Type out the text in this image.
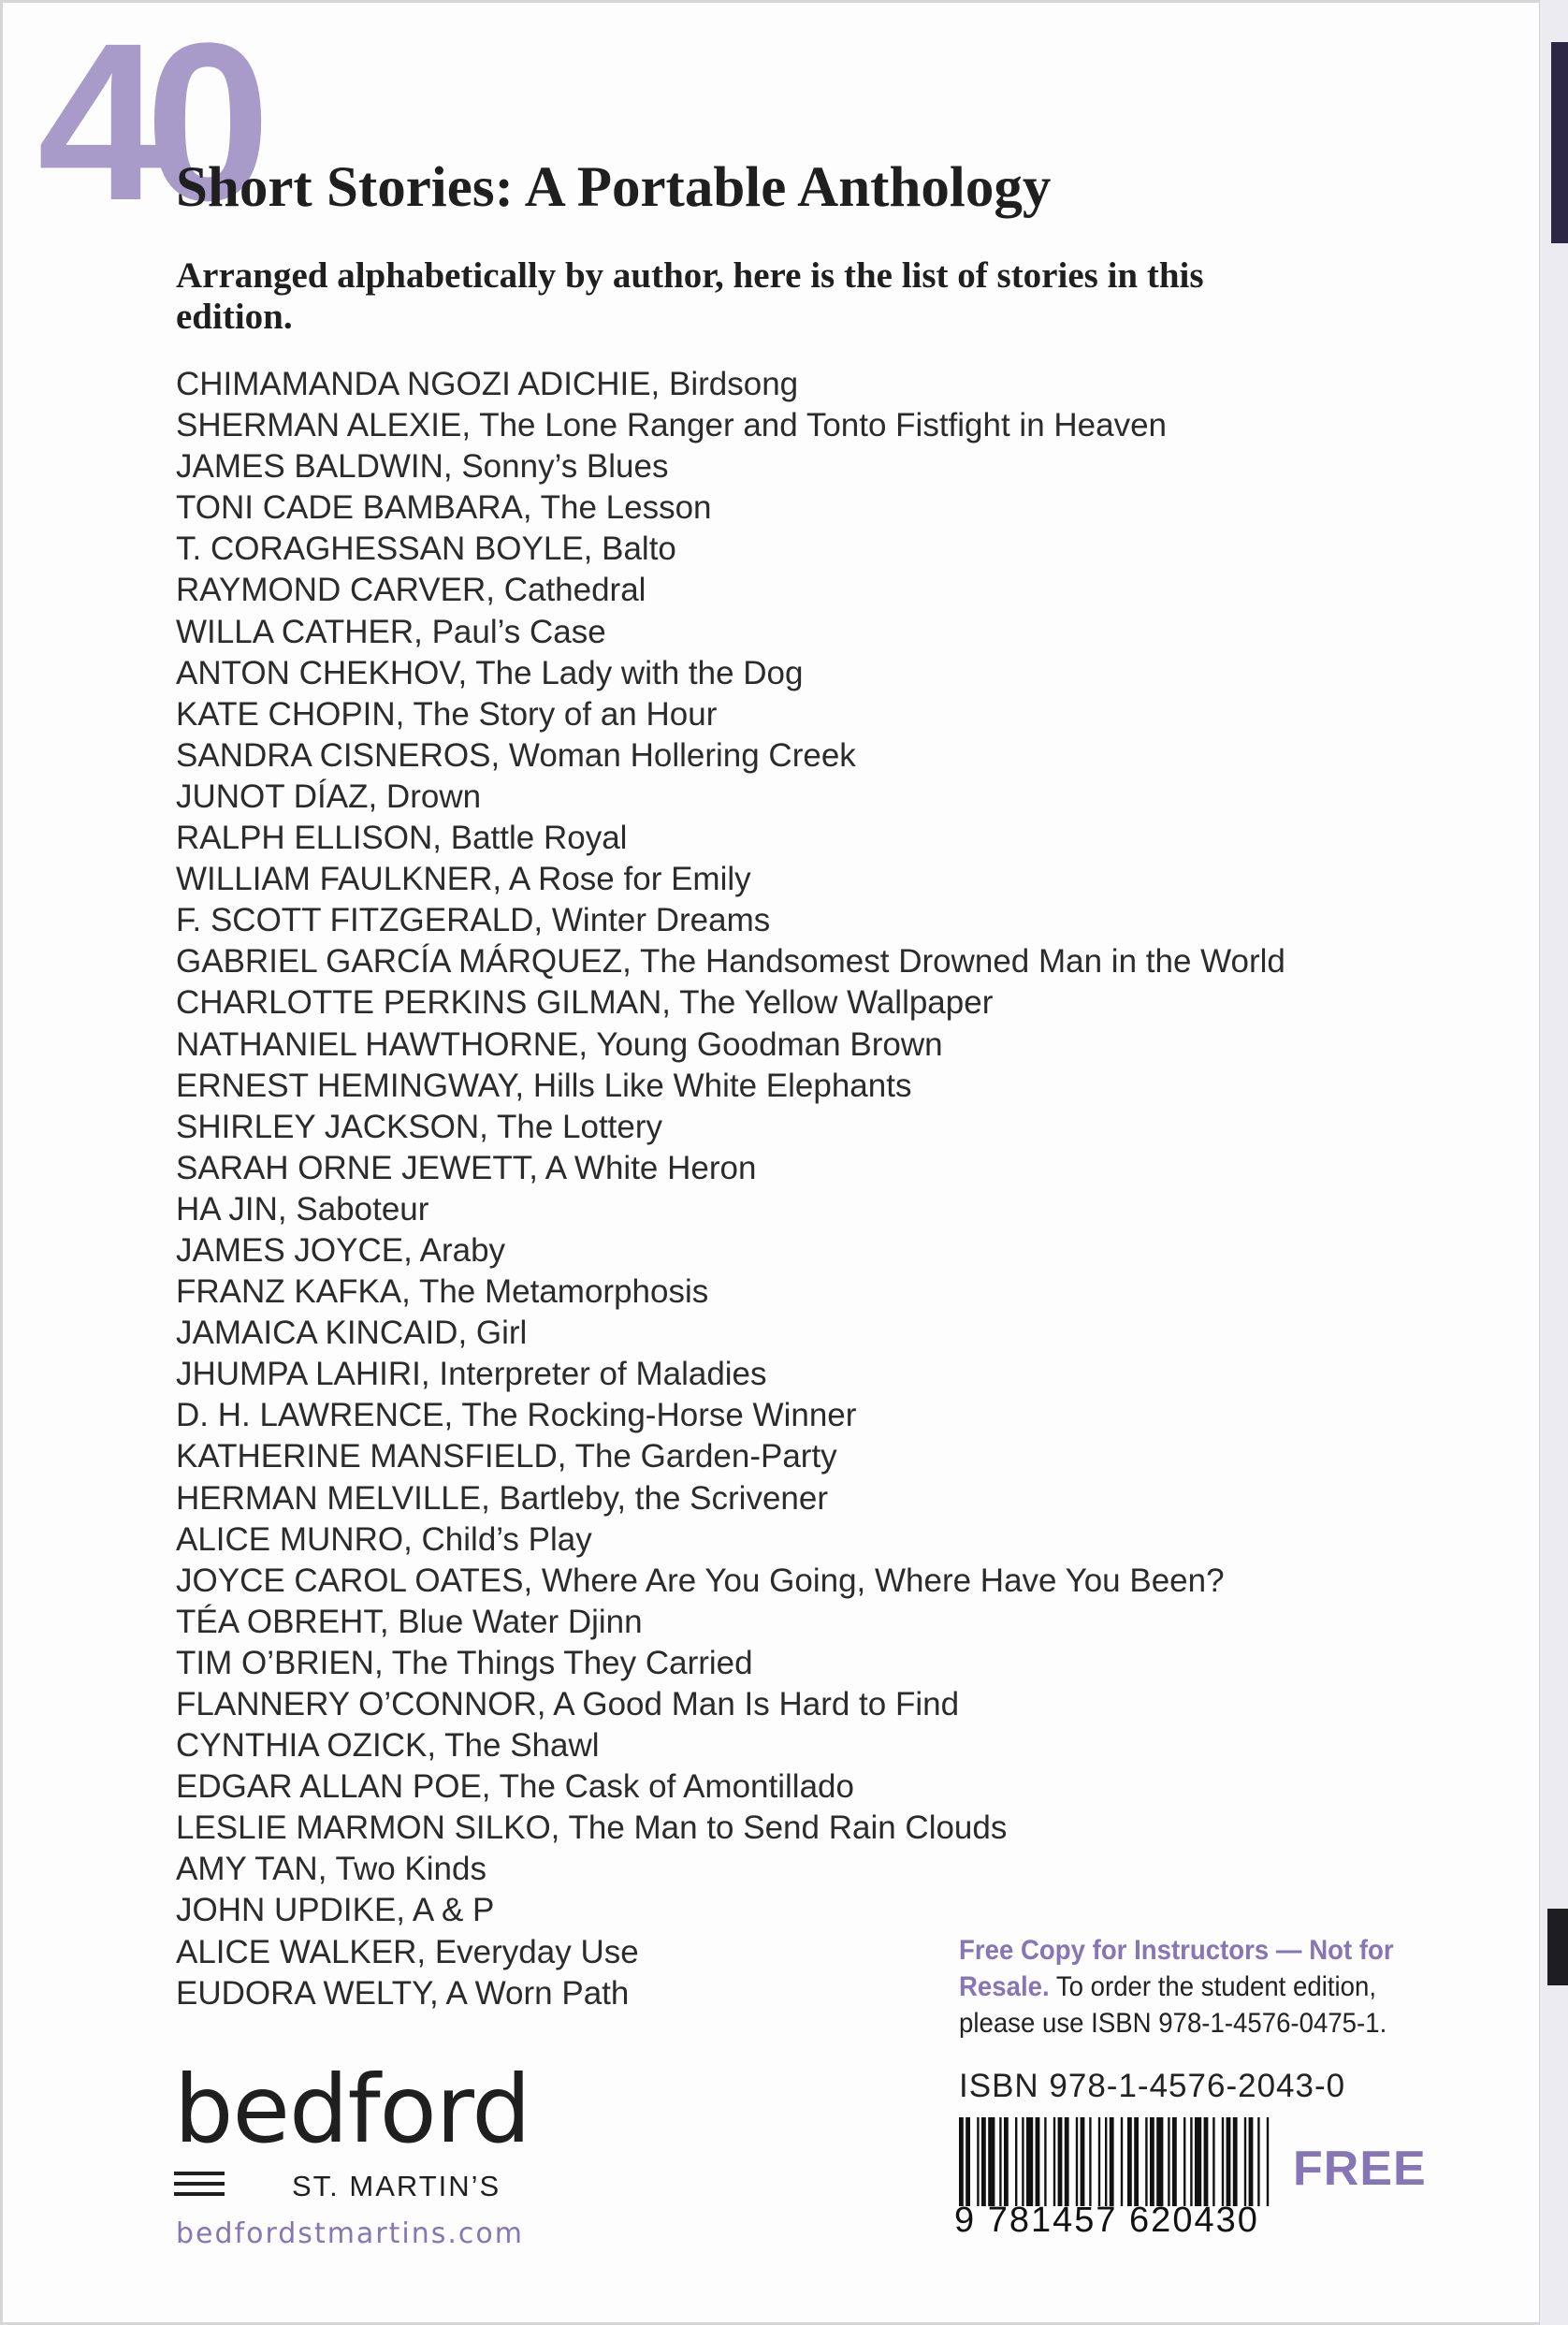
40
Short Stories: A Portable Anthology
Arranged alphabetically by author, here is the list of stories in this edition.
CHIMAMANDA NGOZI ADICHIE, Birdsong
SHERMAN ALEXIE, The Lone Ranger and Tonto Fistfight in Heaven
JAMES BALDWIN, Sonny’s Blues
TONI CADE BAMBARA, The Lesson
T. CORAGHESSAN BOYLE, Balto
RAYMOND CARVER, Cathedral
WILLA CATHER, Paul’s Case
ANTON CHEKHOV, The Lady with the Dog
KATE CHOPIN, The Story of an Hour
SANDRA CISNEROS, Woman Hollering Creek
JUNOT DÍAZ, Drown
RALPH ELLISON, Battle Royal
WILLIAM FAULKNER, A Rose for Emily
F. SCOTT FITZGERALD, Winter Dreams
GABRIEL GARCÍA MÁRQUEZ, The Handsomest Drowned Man in the World
CHARLOTTE PERKINS GILMAN, The Yellow Wallpaper
NATHANIEL HAWTHORNE, Young Goodman Brown
ERNEST HEMINGWAY, Hills Like White Elephants
SHIRLEY JACKSON, The Lottery
SARAH ORNE JEWETT, A White Heron
HA JIN, Saboteur
JAMES JOYCE, Araby
FRANZ KAFKA, The Metamorphosis
JAMAICA KINCAID, Girl
JHUMPA LAHIRI, Interpreter of Maladies
D. H. LAWRENCE, The Rocking-Horse Winner
KATHERINE MANSFIELD, The Garden-Party
HERMAN MELVILLE, Bartleby, the Scrivener
ALICE MUNRO, Child’s Play
JOYCE CAROL OATES, Where Are You Going, Where Have You Been?
TÉA OBREHT, Blue Water Djinn
TIM O’BRIEN, The Things They Carried
FLANNERY O’CONNOR, A Good Man Is Hard to Find
CYNTHIA OZICK, The Shawl
EDGAR ALLAN POE, The Cask of Amontillado
LESLIE MARMON SILKO, The Man to Send Rain Clouds
AMY TAN, Two Kinds
JOHN UPDIKE, A & P
ALICE WALKER, Everyday Use
EUDORA WELTY, A Worn Path
bedford
ST. MARTIN’S
bedfordstmartins.com
Free Copy for Instructors — Not for Resale. To order the student edition, please use ISBN 978-1-4576-0475-1.
ISBN 978-1-4576-2043-0
9 781457 620430
FREE
